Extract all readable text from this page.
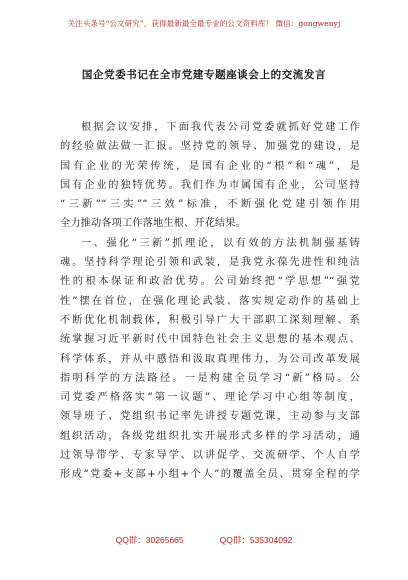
关注头条号“公文研究”，获得最新最全最专业的公文资料库！ 微信：gongwenyj
国企党委书记在全市党建专题座谈会上的交流发言
根据会议安排，下面我代表公司党委就抓好党建工作
的经验做法做一汇报。坚持党的领导、加强党的建设，是
国有企业的光荣传统，是国有企业的“根”和“魂”，是
国有企业的独特优势。我们作为市属国有企业，公司坚持
“三新”“三实”“三效”标准，不断强化党建引领作用
全力推动各项工作落地生根、开花结果。
一、强化“三新”抓理论，以有效的方法机制强基铸
魂。坚持科学理论引领和武装，是我党永葆先进性和纯洁
性的根本保证和政治优势。公司始终把“学思想”“强党
性”摆在首位，在强化理论武装、落实规定动作的基础上
不断优化机制载体，积极引导广大干部职工深刻理解、系
统掌握习近平新时代中国特色社会主义思想的基本观点、
科学体系，并从中感悟和汲取真理伟力，为公司改革发展
指明科学的方法路径。一是构建全员学习“新”格局。公
司党委严格落实“第一议题”、理论学习中心组等制度，
领导班子、党组织书记率先讲授专题党课，主动参与支部
组织活动，各级党组织扎实开展形式多样的学习活动，通
过领导带学、专家导学、以讲促学、交流研学、个人自学
形成“党委+支部+小组+个人”的覆盖全员、贯穿全程的学
QQ群：30265665	QQ群：535304092
